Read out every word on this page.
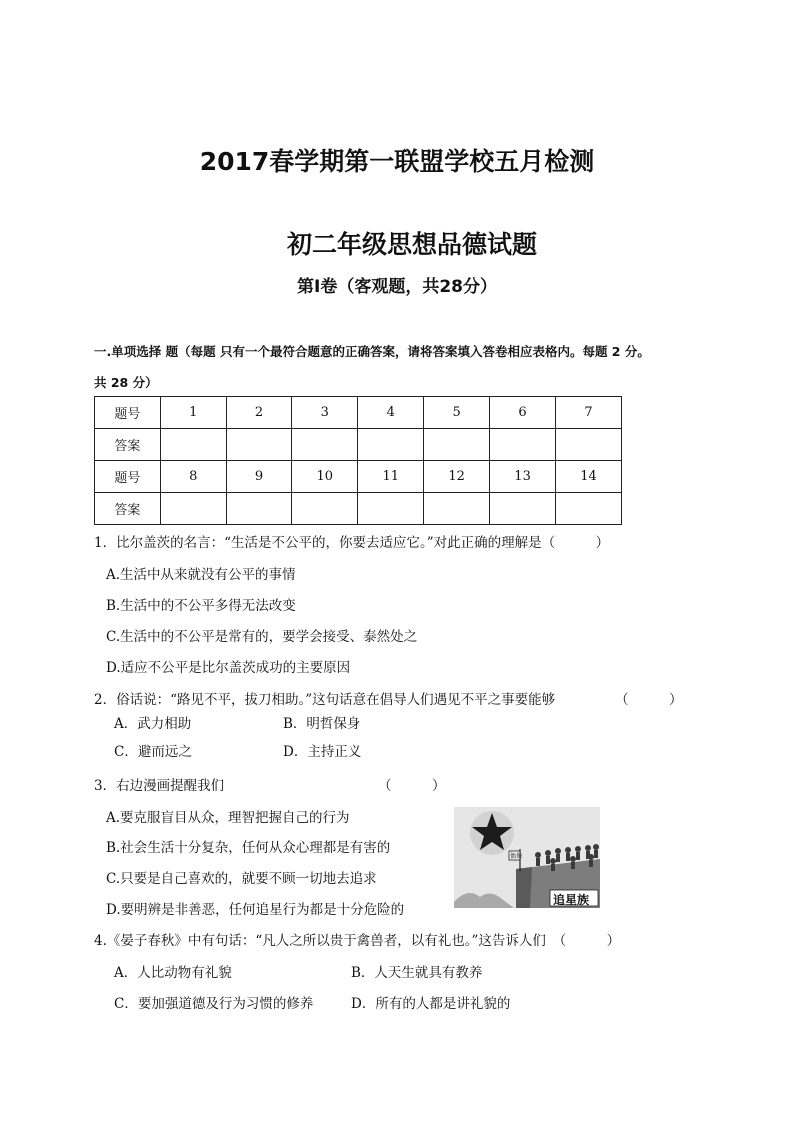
2017春学期第一联盟学校五月检测
初二年级思想品德试题
第Ⅰ卷（客观题，共28分）
一.单项选择 题（每题 只有一个最符合题意的正确答案，请将答案填入答卷相应表格内。每题 2 分。
共 28 分）
题号	1	2	3	4	5	6	7
答案							
题号	8	9	10	11	12	13	14
答案							
1．比尔盖茨的名言：“生活是不公平的，你要去适应它。”对此正确的理解是（　　　）
A.生活中从来就没有公平的事情
B.生活中的不公平多得无法改变
C.生活中的不公平是常有的，要学会接受、泰然处之
D.适应不公平是比尔盖茨成功的主要原因
2．俗话说：“路见不平，拔刀相助。”这句话意在倡导人们遇见不平之事要能够	（　　　）
A．武力相助	B．明哲保身
C．避而远之	D．主持正义
3．右边漫画提醒我们	（　　　）
A.要克服盲目从众，理智把握自己的行为
B.社会生活十分复杂，任何从众心理都是有害的
C.只要是自己喜欢的，就要不顾一切地去追求
D.要明辨是非善恶，任何追星行为都是十分危险的
偶像
追星族
4.《晏子春秋》中有句话：“凡人之所以贵于禽兽者，以有礼也。”这告诉人们　（　　　）
A．人比动物有礼貌	B．人天生就具有教养
C．要加强道德及行为习惯的修养	D．所有的人都是讲礼貌的
